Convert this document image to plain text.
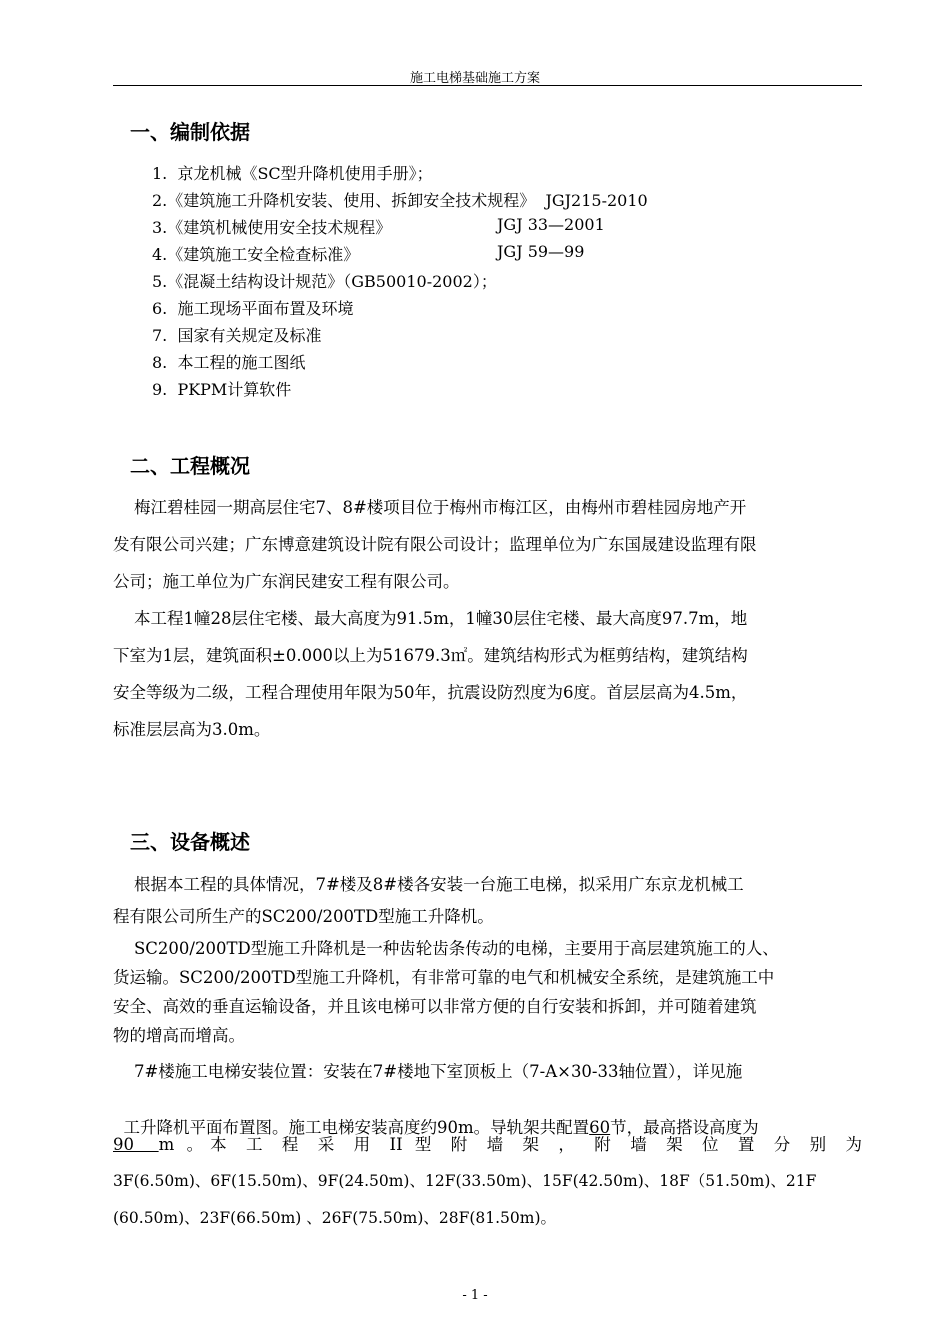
施工电梯基础施工方案
一、编制依据
1.  京龙机械《SC型升降机使用手册》；
2.《建筑施工升降机安装、使用、拆卸安全技术规程》  JGJ215-2010
3.《建筑机械使用安全技术规程》	JGJ 33—2001
4.《建筑施工安全检查标准》	JGJ 59—99
5.《混凝土结构设计规范》（GB50010-2002）；
6.  施工现场平面布置及环境
7.  国家有关规定及标准
8.  本工程的施工图纸
9.  PKPM计算软件
二、工程概况
梅江碧桂园一期高层住宅7、8#楼项目位于梅州市梅江区，由梅州市碧桂园房地产开
发有限公司兴建；广东博意建筑设计院有限公司设计；监理单位为广东国晟建设监理有限
公司；施工单位为广东润民建安工程有限公司。
本工程1幢28层住宅楼、最大高度为91.5m，1幢30层住宅楼、最大高度97.7m，地
下室为1层，建筑面积±0.000以上为51679.3㎡。建筑结构形式为框剪结构，建筑结构
安全等级为二级，工程合理使用年限为50年，抗震设防烈度为6度。首层层高为4.5m，
标准层层高为3.0m。
三、设备概述
根据本工程的具体情况，7#楼及8#楼各安装一台施工电梯，拟采用广东京龙机械工
程有限公司所生产的SC200/200TD型施工升降机。
SC200/200TD型施工升降机是一种齿轮齿条传动的电梯，主要用于高层建筑施工的人、
货运输。SC200/200TD型施工升降机，有非常可靠的电气和机械安全系统，是建筑施工中
安全、高效的垂直运输设备，并且该电梯可以非常方便的自行安装和拆卸，并可随着建筑
物的增高而增高。
7#楼施工电梯安装位置：安装在7#楼地下室顶板上（7-A×30-33轴位置），详见施

工升降机平面布置图。施工电梯安装高度约90m。导轨架共配置60节，最高搭设高度为

90  m 。本 工 程 采 用 II 型 附 墙 架 ， 附 墙 架 位 置 分 别 为
3F(6.50m)、6F(15.50m)、9F(24.50m)、12F(33.50m)、15F(42.50m)、18F（51.50m)、21F
(60.50m)、23F(66.50m) 、26F(75.50m)、28F(81.50m)。
- 1 -
